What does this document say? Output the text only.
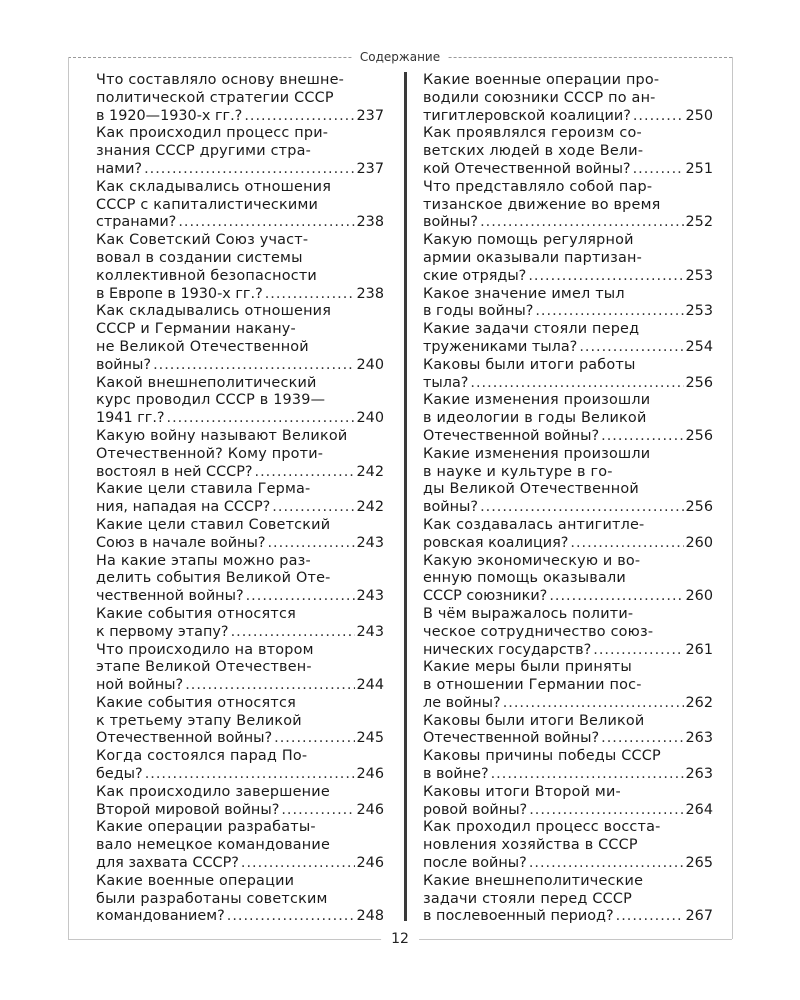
Содержание
12
Что составляло основу внешне-
политической стратегии СССР
в 1920—1930-х гг.? .....	237
Как происходил процесс при-
знания СССР другими стра-
нами? .....	237
Как складывались отношения
СССР с капиталистическими
странами? .....	238
Как Советский Союз участ-
вовал в создании системы
коллективной безопасности
в Европе в 1930-х гг.? .....	238
Как складывались отношения
СССР и Германии накану-
не Великой Отечественной
войны? .....	240
Какой внешнеполитический
курс проводил СССР в 1939—
1941 гг.? .....	240
Какую войну называют Великой
Отечественной? Кому проти-
востоял в ней СССР? .....	242
Какие цели ставила Герма-
ния, нападая на СССР? .....	242
Какие цели ставил Советский
Союз в начале войны? .....	243
На какие этапы можно раз-
делить события Великой Оте-
чественной войны? .....	243
Какие события относятся
к первому этапу? .....	243
Что происходило на втором
этапе Великой Отечествен-
ной войны? .....	244
Какие события относятся
к третьему этапу Великой
Отечественной войны? .....	245
Когда состоялся парад По-
беды? .....	246
Как происходило завершение
Второй мировой войны? .....	246
Какие операции разрабаты-
вало немецкое командование
для захвата СССР? .....	246
Какие военные операции
были разработаны советским
командованием? .....	248
Какие военные операции про-
водили союзники СССР по ан-
тигитлеровской коалиции? .....	250
Как проявлялся героизм со-
ветских людей в ходе Вели-
кой Отечественной войны? .....	251
Что представляло собой пар-
тизанское движение во время
войны? .....	252
Какую помощь регулярной
армии оказывали партизан-
ские отряды? .....	253
Какое значение имел тыл
в годы войны? .....	253
Какие задачи стояли перед
тружениками тыла? .....	254
Каковы были итоги работы
тыла? .....	256
Какие изменения произошли
в идеологии в годы Великой
Отечественной войны? .....	256
Какие изменения произошли
в науке и культуре в го-
ды Великой Отечественной
войны? .....	256
Как создавалась антигитле-
ровская коалиция? .....	260
Какую экономическую и во-
енную помощь оказывали
СССР союзники? .....	260
В чём выражалось полити-
ческое сотрудничество союз-
нических государств? .....	261
Какие меры были приняты
в отношении Германии пос-
ле войны? .....	262
Каковы были итоги Великой
Отечественной войны? .....	263
Каковы причины победы СССР
в войне? .....	263
Каковы итоги Второй ми-
ровой войны? .....	264
Как проходил процесс восста-
новления хозяйства в СССР
после войны? .....	265
Какие внешнеполитические
задачи стояли перед СССР
в послевоенный период? .....	267
